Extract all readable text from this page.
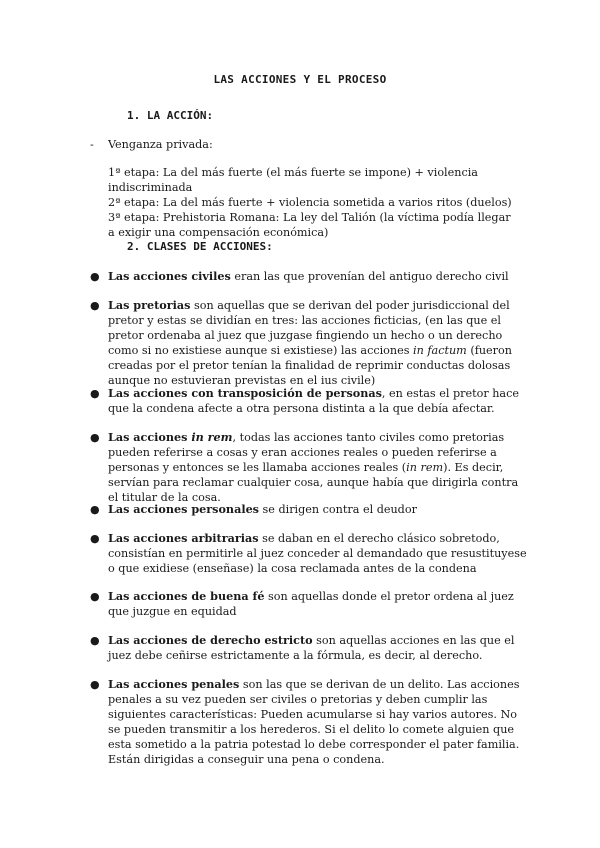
LAS ACCIONES Y EL PROCESO
1. LA ACCIÓN:
- Venganza privada:
1ª etapa: La del más fuerte (el más fuerte se impone) + violencia indiscriminada
2ª etapa: La del más fuerte + violencia sometida a varios ritos (duelos)
3ª etapa: Prehistoria Romana: La ley del Talión (la víctima podía llegar a exigir una compensación económica)
2. CLASES DE ACCIONES:
● Las acciones civiles eran las que provenían del antiguo derecho civil
● Las pretorias son aquellas que se derivan del poder jurisdiccional del pretor y estas se dividían en tres: las acciones ficticias, (en las que el pretor ordenaba al juez que juzgase fingiendo un hecho o un derecho como si no existiese aunque si existiese) las acciones in factum (fueron creadas por el pretor tenían la finalidad de reprimir conductas dolosas aunque no estuvieran previstas en el ius civile)
● Las acciones con transposición de personas, en estas el pretor hace que la condena afecte a otra persona distinta a la que debía afectar.
● Las acciones in rem, todas las acciones tanto civiles como pretorias pueden referirse a cosas y eran acciones reales o pueden referirse a personas y entonces se les llamaba acciones reales (in rem). Es decir, servían para reclamar cualquier cosa, aunque había que dirigirla contra el titular de la cosa.
● Las acciones personales se dirigen contra el deudor
● Las acciones arbitrarias se daban en el derecho clásico sobretodo, consistían en permitirle al juez conceder al demandado que resustituyese o que exidiese (enseñase) la cosa reclamada antes de la condena
● Las acciones de buena fé son aquellas donde el pretor ordena al juez que juzgue en equidad
● Las acciones de derecho estricto son aquellas acciones en las que el juez debe ceñirse estrictamente a la fórmula, es decir, al derecho.
● Las acciones penales son las que se derivan de un delito. Las acciones penales a su vez pueden ser civiles o pretorias y deben cumplir las siguientes características: Pueden acumularse si hay varios autores. No se pueden transmitir a los herederos. Si el delito lo comete alguien que esta sometido a la patria potestad lo debe corresponder el pater familia. Están dirigidas a conseguir una pena o condena.
